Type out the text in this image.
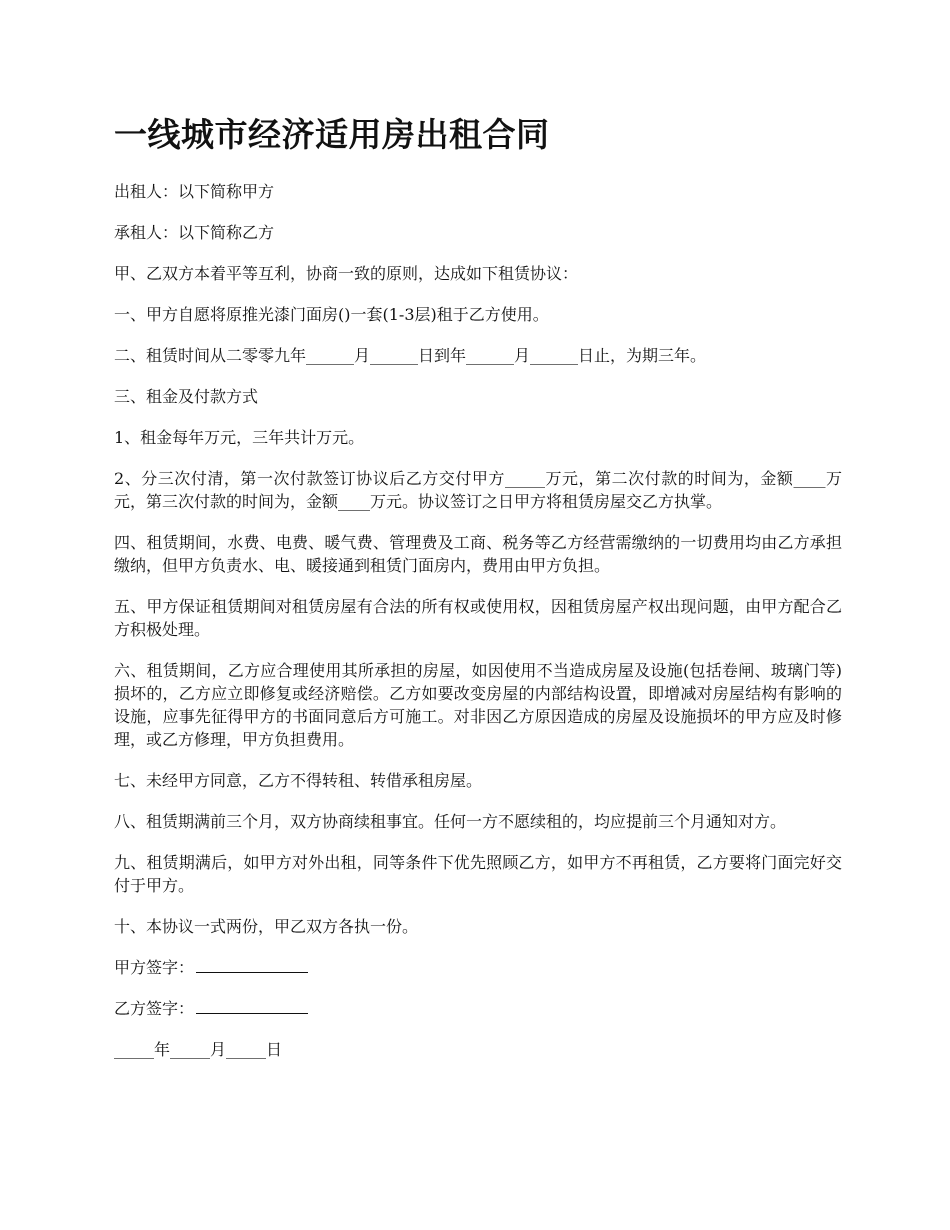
一线城市经济适用房出租合同

出租人：以下简称甲方

承租人：以下简称乙方

甲、乙双方本着平等互利，协商一致的原则，达成如下租赁协议：

一、甲方自愿将原推光漆门面房()一套(1-3层)租于乙方使用。

二、租赁时间从二零零九年______月______日到年______月______日止，为期三年。

三、租金及付款方式

1、租金每年万元，三年共计万元。

2、分三次付清，第一次付款签订协议后乙方交付甲方_____万元，第二次付款的时间为，金额____万元，第三次付款的时间为，金额____万元。协议签订之日甲方将租赁房屋交乙方执掌。

四、租赁期间，水费、电费、暖气费、管理费及工商、税务等乙方经营需缴纳的一切费用均由乙方承担缴纳，但甲方负责水、电、暖接通到租赁门面房内，费用由甲方负担。

五、甲方保证租赁期间对租赁房屋有合法的所有权或使用权，因租赁房屋产权出现问题，由甲方配合乙方积极处理。

六、租赁期间，乙方应合理使用其所承担的房屋，如因使用不当造成房屋及设施(包括卷闸、玻璃门等)损坏的，乙方应立即修复或经济赔偿。乙方如要改变房屋的内部结构设置，即增减对房屋结构有影响的设施，应事先征得甲方的书面同意后方可施工。对非因乙方原因造成的房屋及设施损坏的甲方应及时修理，或乙方修理，甲方负担费用。

七、未经甲方同意，乙方不得转租、转借承租房屋。

八、租赁期满前三个月，双方协商续租事宜。任何一方不愿续租的，均应提前三个月通知对方。

九、租赁期满后，如甲方对外出租，同等条件下优先照顾乙方，如甲方不再租赁，乙方要将门面完好交付于甲方。

十、本协议一式两份，甲乙双方各执一份。

甲方签字：

乙方签字：

_____年_____月_____日
